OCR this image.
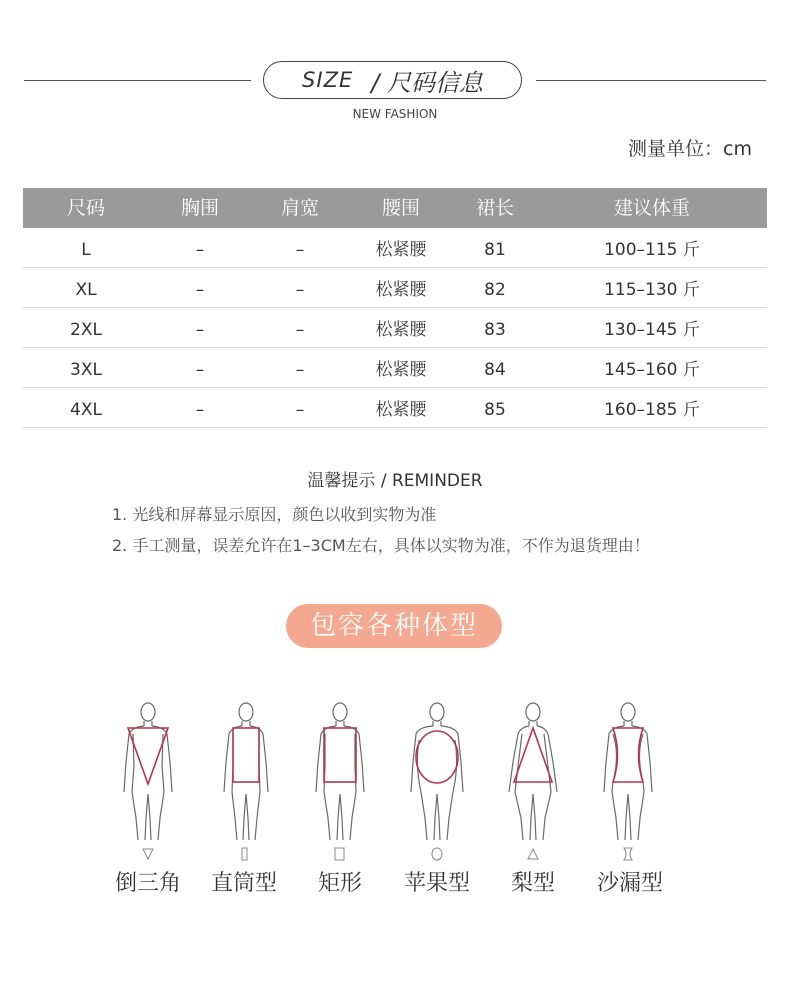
SIZE / 尺码信息
NEW FASHION
测量单位：cm
尺码	胸围	肩宽	腰围	裙长	建议体重
L	–	–	松紧腰	81	100–115 斤
XL	–	–	松紧腰	82	115–130 斤
2XL	–	–	松紧腰	83	130–145 斤
3XL	–	–	松紧腰	84	145–160 斤
4XL	–	–	松紧腰	85	160–185 斤
温馨提示 / REMINDER
1. 光线和屏幕显示原因，颜色以收到实物为准
2. 手工测量，误差允许在1–3CM左右，具体以实物为准，不作为退货理由！
包容各种体型
倒三角	直筒型	矩形	苹果型	梨型	沙漏型
